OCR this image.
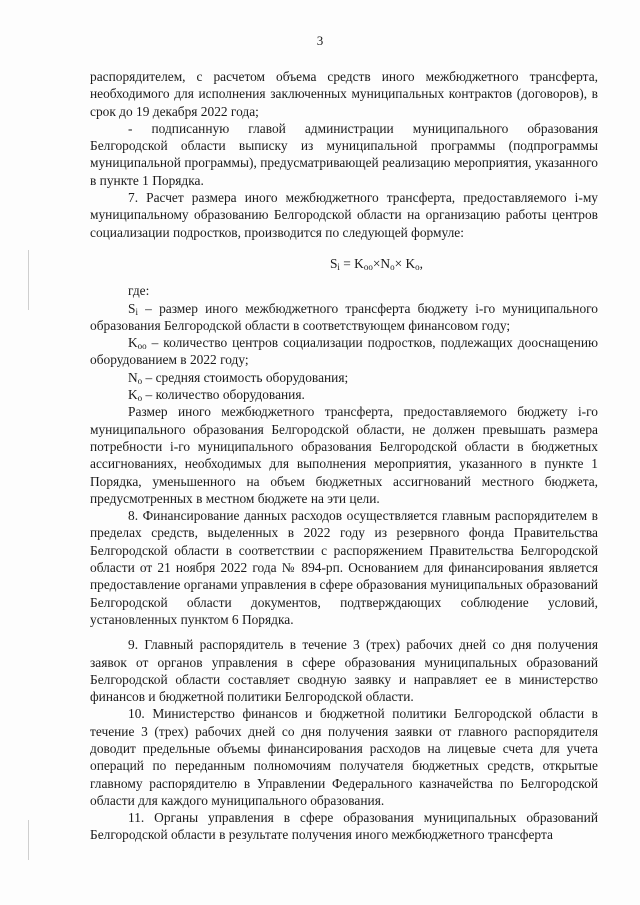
3

распорядителем, с расчетом объема средств иного межбюджетного трансферта, необходимого для исполнения заключенных муниципальных контрактов (договоров), в срок до 19 декабря 2022 года;

- подписанную главой администрации муниципального образования Белгородской области выписку из муниципальной программы (подпрограммы муниципальной программы), предусматривающей реализацию мероприятия, указанного в пункте 1 Порядка.

7. Расчет размера иного межбюджетного трансферта, предоставляемого i-му муниципальному образованию Белгородской области на организацию работы центров социализации подростков, производится по следующей формуле:

$S_i = K_{оо}\times N_о\times K_о$,

где:

$S_i$ – размер иного межбюджетного трансферта бюджету i-го муниципального образования Белгородской области в соответствующем финансовом году;

$K_{оо}$ – количество центров социализации подростков, подлежащих дооснащению оборудованием в 2022 году;

$N_о$ – средняя стоимость оборудования;

$K_о$ – количество оборудования.

Размер иного межбюджетного трансферта, предоставляемого бюджету i-го муниципального образования Белгородской области, не должен превышать размера потребности i-го муниципального образования Белгородской области в бюджетных ассигнованиях, необходимых для выполнения мероприятия, указанного в пункте 1 Порядка, уменьшенного на объем бюджетных ассигнований местного бюджета, предусмотренных в местном бюджете на эти цели.

8. Финансирование данных расходов осуществляется главным распорядителем в пределах средств, выделенных в 2022 году из резервного фонда Правительства Белгородской области в соответствии с распоряжением Правительства Белгородской области от 21 ноября 2022 года № 894-рп. Основанием для финансирования является предоставление органами управления в сфере образования муниципальных образований Белгородской области документов, подтверждающих соблюдение условий, установленных пунктом 6 Порядка.

9. Главный распорядитель в течение 3 (трех) рабочих дней со дня получения заявок от органов управления в сфере образования муниципальных образований Белгородской области составляет сводную заявку и направляет ее в министерство финансов и бюджетной политики Белгородской области.

10. Министерство финансов и бюджетной политики Белгородской области в течение 3 (трех) рабочих дней со дня получения заявки от главного распорядителя доводит предельные объемы финансирования расходов на лицевые счета для учета операций по переданным полномочиям получателя бюджетных средств, открытые главному распорядителю в Управлении Федерального казначейства по Белгородской области для каждого муниципального образования.

11. Органы управления в сфере образования муниципальных образований Белгородской области в результате получения иного межбюджетного трансферта
